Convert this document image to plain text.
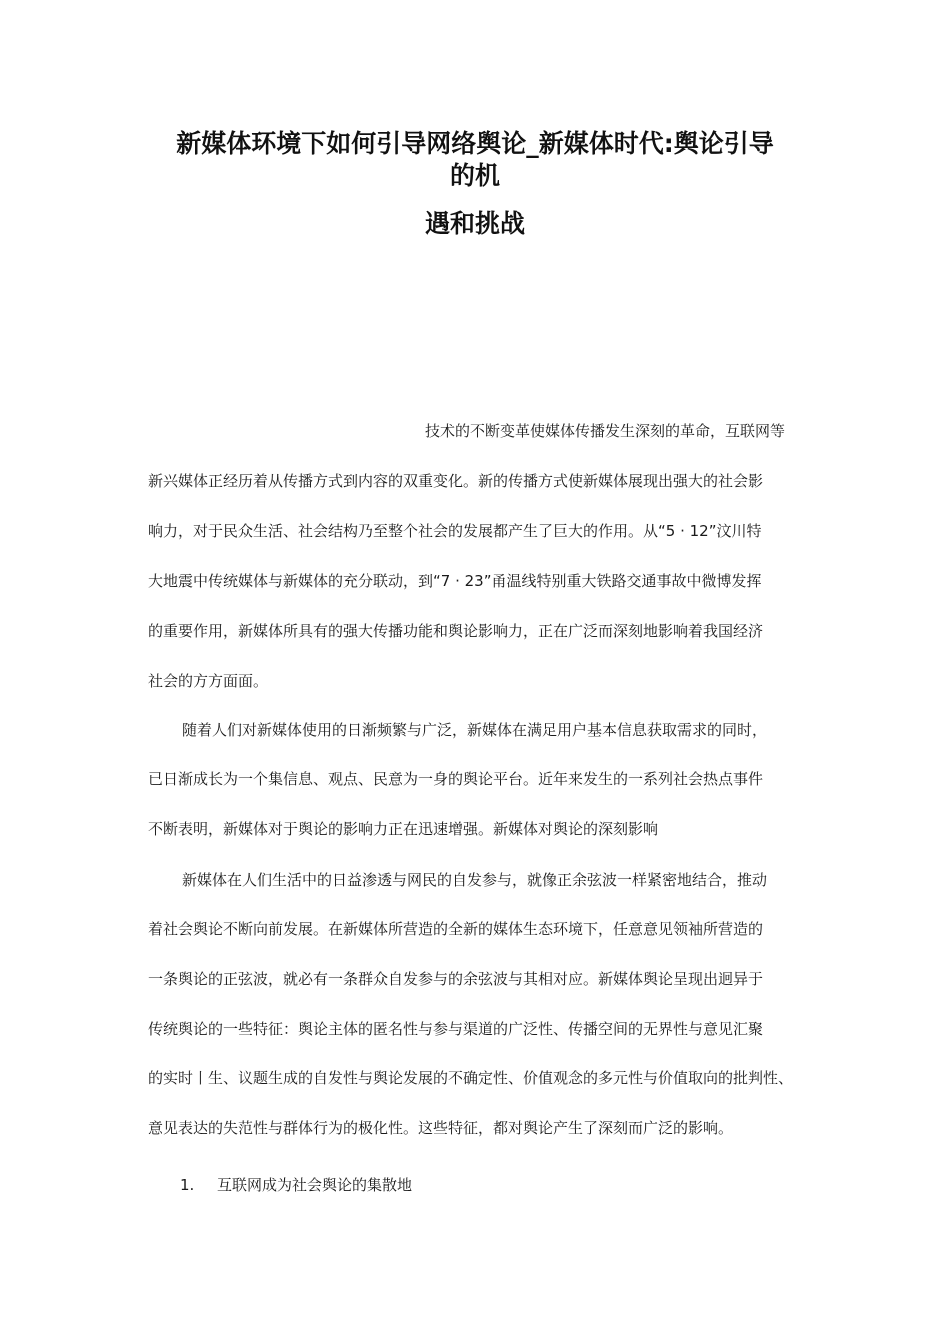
新媒体环境下如何引导网络舆论_新媒体时代:舆论引导
的机
遇和挑战
技术的不断变革使媒体传播发生深刻的革命，互联网等
新兴媒体正经历着从传播方式到内容的双重变化。新的传播方式使新媒体展现出强大的社会影
响力，对于民众生活、社会结构乃至整个社会的发展都产生了巨大的作用。从“5 · 12”汶川特
大地震中传统媒体与新媒体的充分联动，到“7 · 23”甬温线特别重大铁路交通事故中微博发挥
的重要作用，新媒体所具有的强大传播功能和舆论影响力，正在广泛而深刻地影响着我国经济
社会的方方面面。
随着人们对新媒体使用的日渐频繁与广泛，新媒体在满足用户基本信息获取需求的同时，
已日渐成长为一个集信息、观点、民意为一身的舆论平台。近年来发生的一系列社会热点事件
不断表明，新媒体对于舆论的影响力正在迅速增强。新媒体对舆论的深刻影响
新媒体在人们生活中的日益渗透与网民的自发参与，就像正余弦波一样紧密地结合，推动
着社会舆论不断向前发展。在新媒体所营造的全新的媒体生态环境下，任意意见领袖所营造的
一条舆论的正弦波，就必有一条群众自发参与的余弦波与其相对应。新媒体舆论呈现出迥异于
传统舆论的一些特征：舆论主体的匿名性与参与渠道的广泛性、传播空间的无界性与意见汇聚
的实时丨生、议题生成的自发性与舆论发展的不确定性、价值观念的多元性与价值取向的批判性、
意见表达的失范性与群体行为的极化性。这些特征，都对舆论产生了深刻而广泛的影响。
1. 互联网成为社会舆论的集散地
